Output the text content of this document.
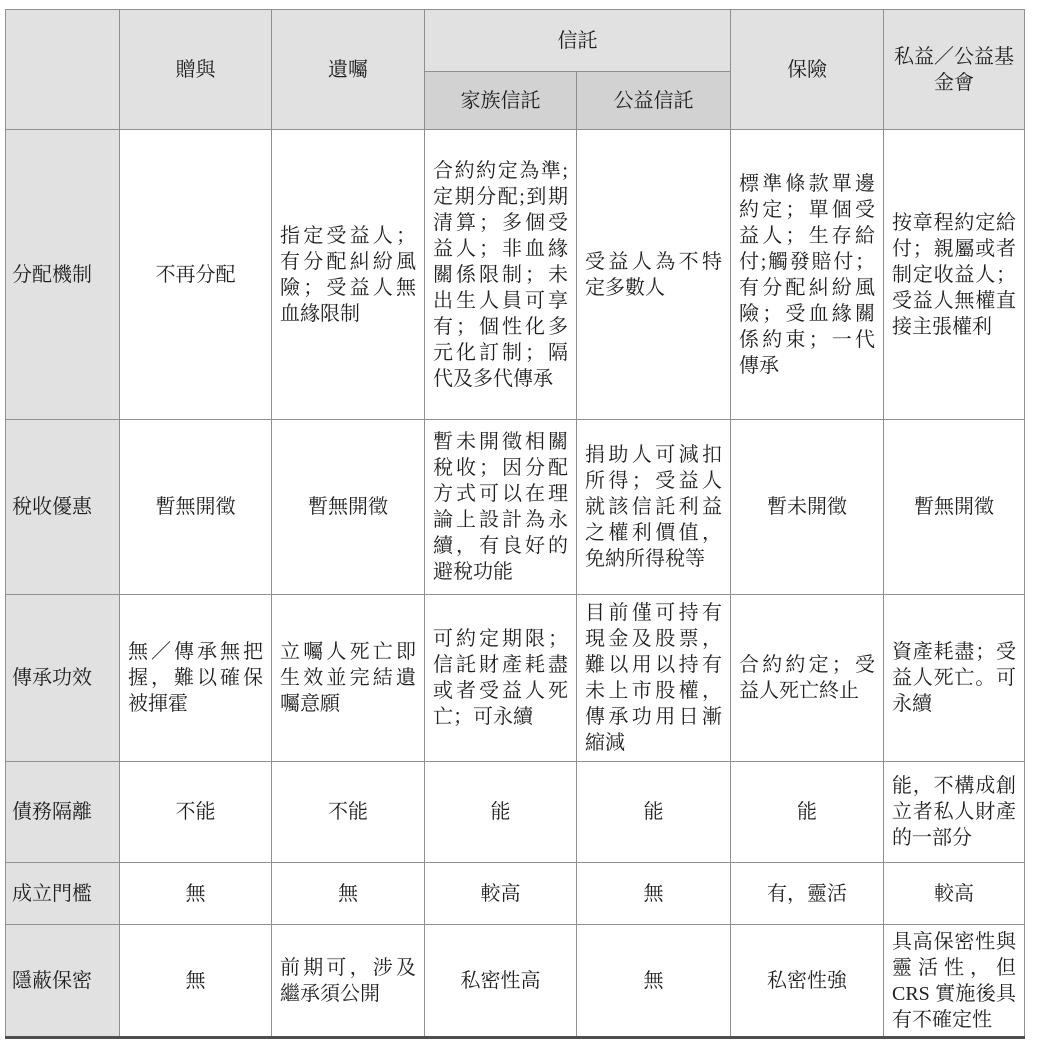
	贈與	遺囑	信託		保險	私益／公益基金會
			家族信託	公益信託		
分配機制	不再分配	指定受益人；有分配糾紛風險；受益人無血緣限制	合約約定為準;定期分配;到期清算；多個受益人；非血緣關係限制；未出生人員可享有；個性化多元化訂制；隔代及多代傳承	受益人為不特定多數人	標準條款單邊約定；單個受益人；生存給付;觸發賠付；有分配糾紛風險；受血緣關係約束；一代傳承	按章程約定給付；親屬或者制定收益人；受益人無權直接主張權利
稅收優惠	暫無開徵	暫無開徵	暫未開徵相關稅收；因分配方式可以在理論上設計為永續，有良好的避稅功能	捐助人可減扣所得；受益人就該信託利益之權利價值，免納所得稅等	暫未開徵	暫無開徵
傳承功效	無／傳承無把握，難以確保被揮霍	立囑人死亡即生效並完結遺囑意願	可約定期限；信託財產耗盡或者受益人死亡；可永續	目前僅可持有現金及股票，難以用以持有未上市股權，傳承功用日漸縮減	合約約定；受益人死亡終止	資產耗盡；受益人死亡。可永續
債務隔離	不能	不能	能	能	能	能，不構成創立者私人財產的一部分
成立門檻	無	無	較高	無	有，靈活	較高
隱蔽保密	無	前期可，涉及繼承須公開	私密性高	無	私密性強	具高保密性與靈活性，但 CRS 實施後具有不確定性
